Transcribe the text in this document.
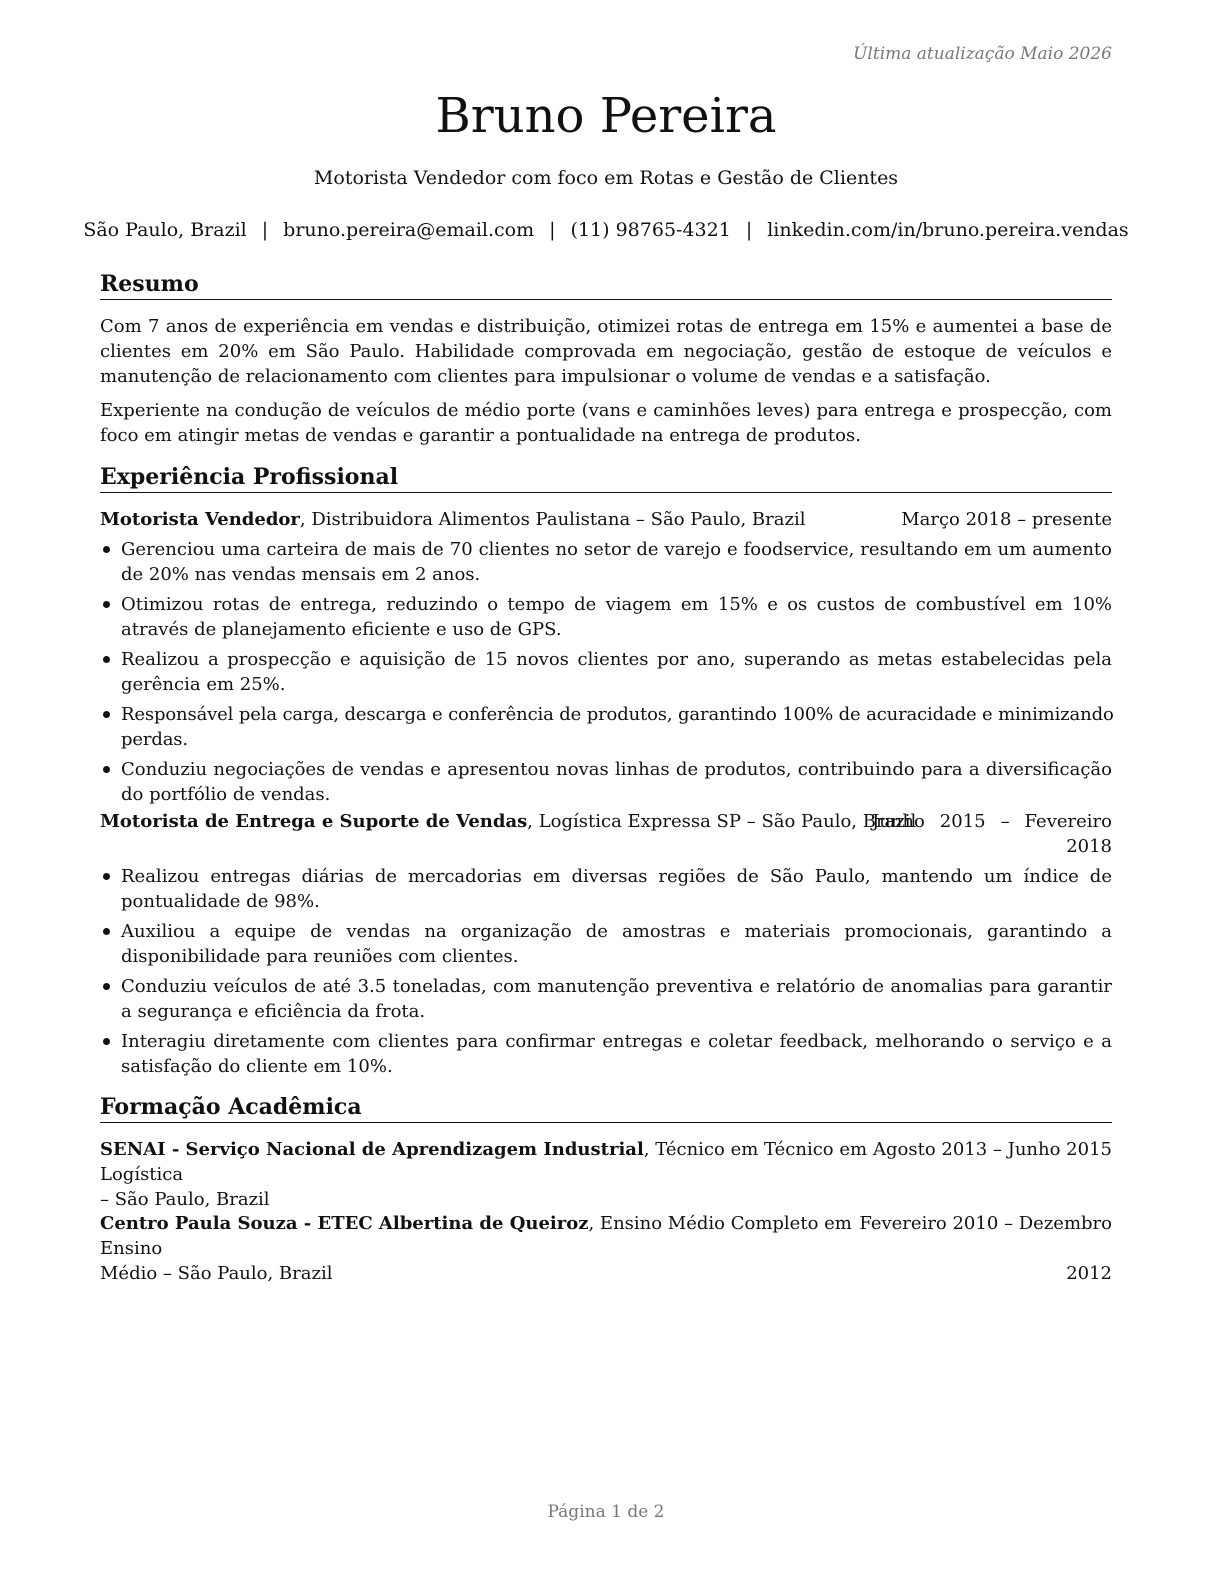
Última atualização Maio 2026
Bruno Pereira
Motorista Vendedor com foco em Rotas e Gestão de Clientes
São Paulo, Brazil | bruno.pereira@email.com | (11) 98765-4321 | linkedin.com/in/bruno.pereira.vendas
Resumo
Com 7 anos de experiência em vendas e distribuição, otimizei rotas de entrega em 15% e aumentei a base de clientes em 20% em São Paulo. Habilidade comprovada em negociação, gestão de estoque de veículos e manutenção de relacionamento com clientes para impulsionar o volume de vendas e a satisfação.
Experiente na condução de veículos de médio porte (vans e caminhões leves) para entrega e prospecção, com foco em atingir metas de vendas e garantir a pontualidade na entrega de produtos.
Experiência Profissional
Motorista Vendedor, Distribuidora Alimentos Paulistana – São Paulo, Brazil	Março 2018 – presente
Gerenciou uma carteira de mais de 70 clientes no setor de varejo e foodservice, resultando em um aumento de 20% nas vendas mensais em 2 anos.
Otimizou rotas de entrega, reduzindo o tempo de viagem em 15% e os custos de combustível em 10% através de planejamento eficiente e uso de GPS.
Realizou a prospecção e aquisição de 15 novos clientes por ano, superando as metas estabelecidas pela gerência em 25%.
Responsável pela carga, descarga e conferência de produtos, garantindo 100% de acuracidade e minimizando perdas.
Conduziu negociações de vendas e apresentou novas linhas de produtos, contribuindo para a diversificação do portfólio de vendas.
Motorista de Entrega e Suporte de Vendas, Logística Expressa SP – São Paulo, Brazil
Junho 2015 – Fevereiro
2018
Realizou entregas diárias de mercadorias em diversas regiões de São Paulo, mantendo um índice de pontualidade de 98%.
Auxiliou a equipe de vendas na organização de amostras e materiais promocionais, garantindo a disponibilidade para reuniões com clientes.
Conduziu veículos de até 3.5 toneladas, com manutenção preventiva e relatório de anomalias para garantir a segurança e eficiência da frota.
Interagiu diretamente com clientes para confirmar entregas e coletar feedback, melhorando o serviço e a satisfação do cliente em 10%.
Formação Acadêmica
SENAI - Serviço Nacional de Aprendizagem Industrial, Técnico em Técnico em Logística
Agosto 2013 – Junho 2015
– São Paulo, Brazil
Centro Paula Souza - ETEC Albertina de Queiroz, Ensino Médio Completo em Ensino
Fevereiro 2010 – Dezembro
Médio – São Paulo, Brazil	2012
Página 1 de 2
